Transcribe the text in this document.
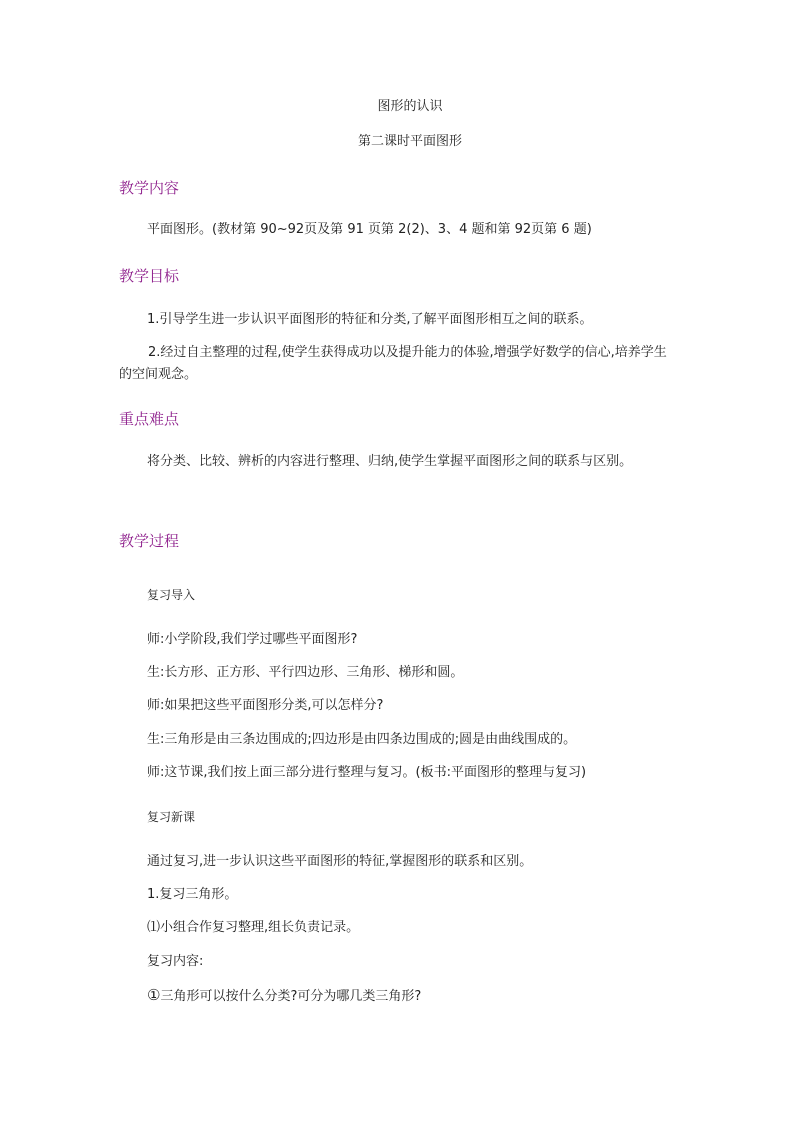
图形的认识
第二课时平面图形
教学内容
平面图形。(教材第 90~92页及第 91 页第 2(2)、3、4 题和第 92页第 6 题)
教学目标
1.引导学生进一步认识平面图形的特征和分类,了解平面图形相互之间的联系。
2.经过自主整理的过程,使学生获得成功以及提升能力的体验,增强学好数学的信心,培养学生的空间观念。
重点难点
将分类、比较、辨析的内容进行整理、归纳,使学生掌握平面图形之间的联系与区别。
教学过程
复习导入
师:小学阶段,我们学过哪些平面图形?
生:长方形、正方形、平行四边形、三角形、梯形和圆。
师:如果把这些平面图形分类,可以怎样分?
生:三角形是由三条边围成的;四边形是由四条边围成的;圆是由曲线围成的。
师:这节课,我们按上面三部分进行整理与复习。(板书:平面图形的整理与复习)
复习新课
通过复习,进一步认识这些平面图形的特征,掌握图形的联系和区别。
1.复习三角形。
⑴小组合作复习整理,组长负责记录。
复习内容:
①三角形可以按什么分类?可分为哪几类三角形?
